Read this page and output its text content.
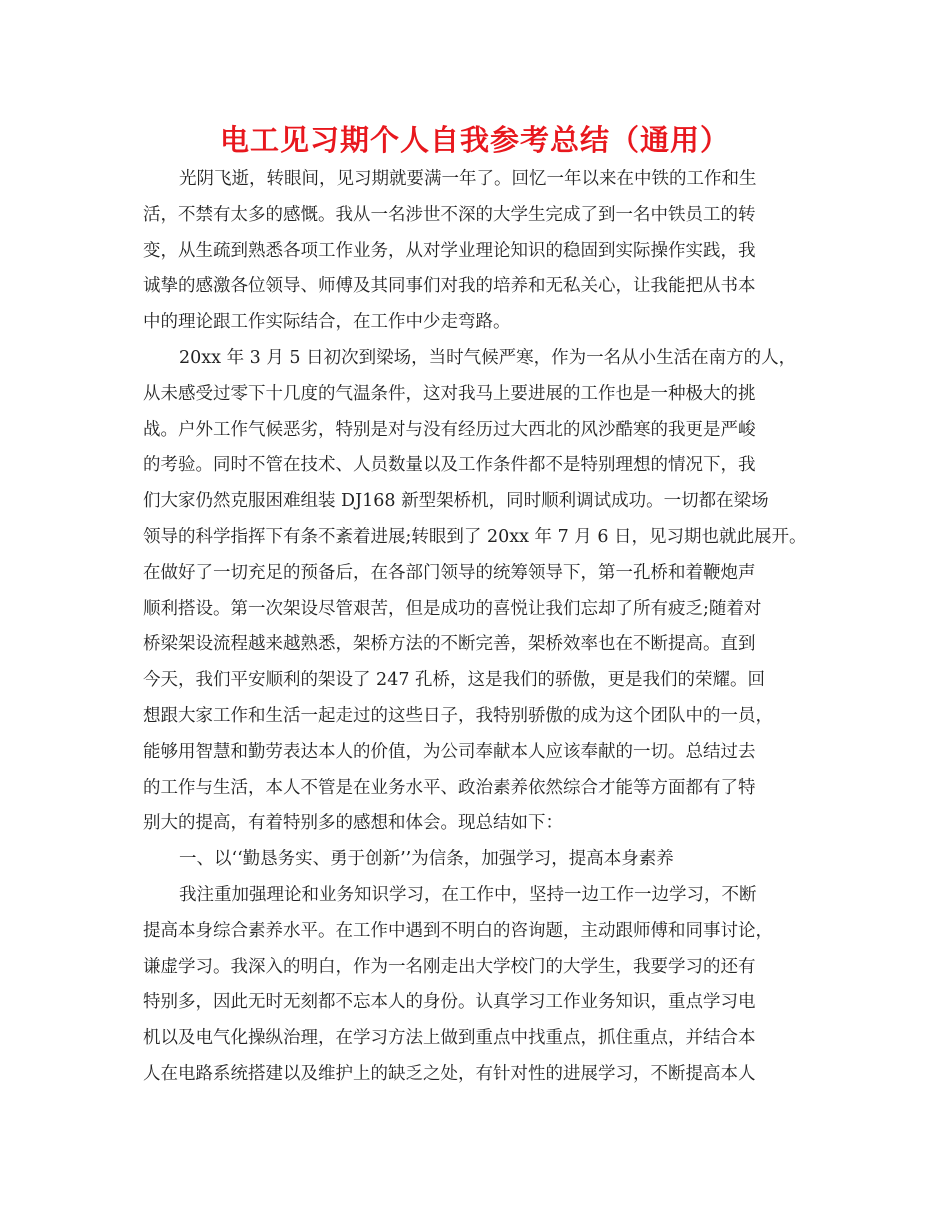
电工见习期个人自我参考总结（通用）
光阴飞逝，转眼间，见习期就要满一年了。回忆一年以来在中铁的工作和生
活，不禁有太多的感慨。我从一名涉世不深的大学生完成了到一名中铁员工的转
变，从生疏到熟悉各项工作业务，从对学业理论知识的稳固到实际操作实践，我
诚挚的感激各位领导、师傅及其同事们对我的培养和无私关心，让我能把从书本
中的理论跟工作实际结合，在工作中少走弯路。
20xx 年 3 月 5 日初次到梁场，当时气候严寒，作为一名从小生活在南方的人，
从未感受过零下十几度的气温条件，这对我马上要进展的工作也是一种极大的挑
战。户外工作气候恶劣，特别是对与没有经历过大西北的风沙酷寒的我更是严峻
的考验。同时不管在技术、人员数量以及工作条件都不是特别理想的情况下，我
们大家仍然克服困难组装 DJ168 新型架桥机，同时顺利调试成功。一切都在梁场
领导的科学指挥下有条不紊着进展;转眼到了 20xx 年 7 月 6 日，见习期也就此展开。
在做好了一切充足的预备后，在各部门领导的统筹领导下，第一孔桥和着鞭炮声
顺利搭设。第一次架设尽管艰苦，但是成功的喜悦让我们忘却了所有疲乏;随着对
桥梁架设流程越来越熟悉，架桥方法的不断完善，架桥效率也在不断提高。直到
今天，我们平安顺利的架设了 247 孔桥，这是我们的骄傲，更是我们的荣耀。回
想跟大家工作和生活一起走过的这些日子，我特别骄傲的成为这个团队中的一员，
能够用智慧和勤劳表达本人的价值，为公司奉献本人应该奉献的一切。总结过去
的工作与生活，本人不管是在业务水平、政治素养依然综合才能等方面都有了特
别大的提高，有着特别多的感想和体会。现总结如下：
一、以‘‘勤恳务实、勇于创新’’为信条，加强学习，提高本身素养
我注重加强理论和业务知识学习，在工作中，坚持一边工作一边学习，不断
提高本身综合素养水平。在工作中遇到不明白的咨询题，主动跟师傅和同事讨论，
谦虚学习。我深入的明白，作为一名刚走出大学校门的大学生，我要学习的还有
特别多，因此无时无刻都不忘本人的身份。认真学习工作业务知识，重点学习电
机以及电气化操纵治理，在学习方法上做到重点中找重点，抓住重点，并结合本
人在电路系统搭建以及维护上的缺乏之处，有针对性的进展学习，不断提高本人
